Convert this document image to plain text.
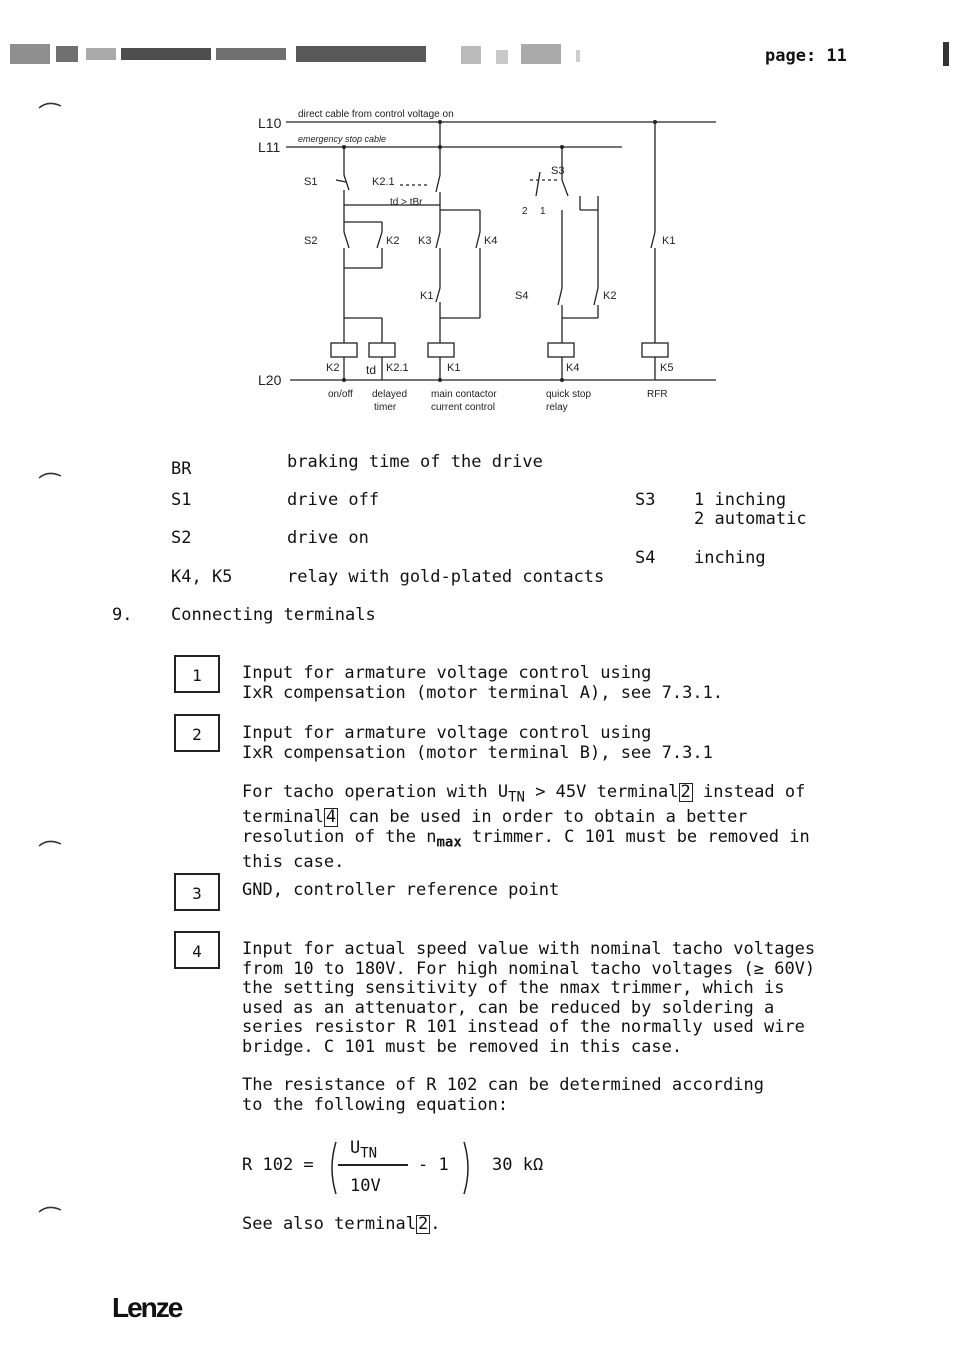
page: 11
L10
direct cable from control voltage on
L11 emergency stop cable
L20
S1	K2.1
td > tBr
S2	K2 K3	K4
K1
S3
2 1
S4	K2
K1
K2 td K2.1	K1	K4	K5
on/off delayed
timer
main contactor
current control
quick stop
relay
RFR
BR	braking time of the drive
S1	drive off
S2	drive on
K4, K5	relay with gold-plated contacts
S3 1 inching
2 automatic
S4 inching
9. Connecting terminals
1	Input for armature voltage control using
IxR compensation (motor terminal A), see 7.3.1.
2	Input for armature voltage control using
IxR compensation (motor terminal B), see 7.3.1
For tacho operation with $U_{TN} > 45V$ terminal 2 instead of
terminal 4 can be used in order to obtain a better
resolution of the $n_{max}$ trimmer. C 101 must be removed in
this case.
3	GND, controller reference point
4	Input for actual speed value with nominal tacho voltages
from 10 to 180V. For high nominal tacho voltages (≥ 60V)
the setting sensitivity of the nmax trimmer, which is
used as an attenuator, can be reduced by soldering a
series resistor R 101 instead of the normally used wire
bridge. C 101 must be removed in this case.
The resistance of R 102 can be determined according
to the following equation:
R 102 =
$U_{TN}$
10V
- 1	30 kΩ
See also terminal 2 .
Lenze
